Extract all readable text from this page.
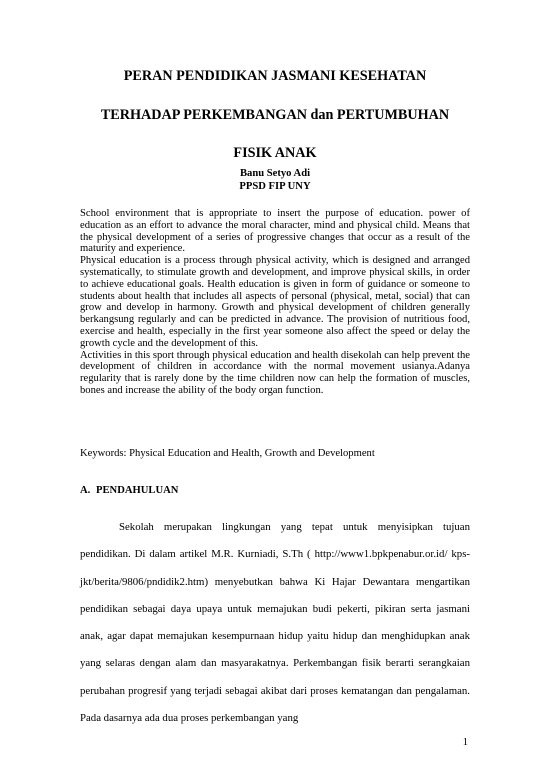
PERAN PENDIDIKAN JASMANI KESEHATAN
TERHADAP PERKEMBANGAN dan PERTUMBUHAN
FISIK ANAK
Banu Setyo Adi
PPSD FIP UNY

School environment that is appropriate to insert the purpose of education. power of education as an effort to advance the moral character, mind and physical child. Means that the physical development of a series of progressive changes that occur as a result of the maturity and experience.

Physical education is a process through physical activity, which is designed and arranged systematically, to stimulate growth and development, and improve physical skills, in order to achieve educational goals. Health education is given in form of guidance or someone to students about health that includes all aspects of personal (physical, metal, social) that can grow and develop in harmony. Growth and physical development of children generally berkangsung regularly and can be predicted in advance. The provision of nutritious food, exercise and health, especially in the first year someone also affect the speed or delay the growth cycle and the development of this.

Activities in this sport through physical education and health disekolah can help prevent the development of children in accordance with the normal movement usianya.Adanya regularity that is rarely done by the time children now can help the formation of muscles, bones and increase the ability of the body organ function.

Keywords: Physical Education and Health, Growth and Development
A. PENDAHULUAN

Sekolah merupakan lingkungan yang tepat untuk menyisipkan tujuan pendidikan. Di dalam artikel M.R. Kurniadi, S.Th ( http://www1.bpkpenabur.or.id/ kps-jkt/berita/9806/pndidik2.htm) menyebutkan bahwa Ki Hajar Dewantara mengartikan pendidikan sebagai daya upaya untuk memajukan budi pekerti, pikiran serta jasmani anak, agar dapat memajukan kesempurnaan hidup yaitu hidup dan menghidupkan anak yang selaras dengan alam dan masyarakatnya. Perkembangan fisik berarti serangkaian perubahan progresif yang terjadi sebagai akibat dari proses kematangan dan pengalaman. Pada dasarnya ada dua proses perkembangan yang

1
